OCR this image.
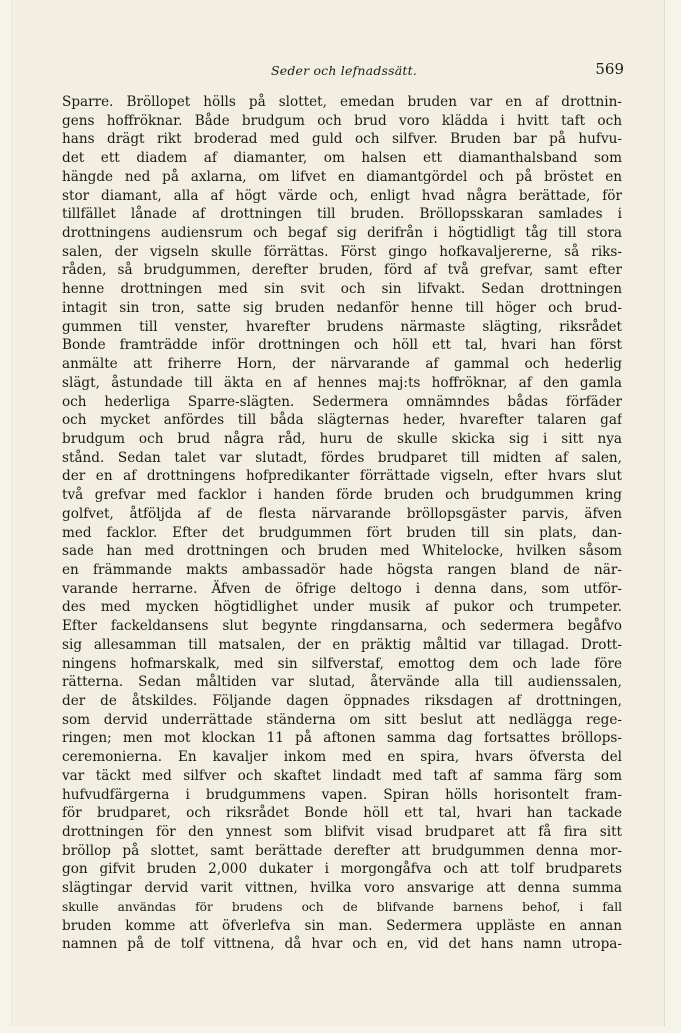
Seder och lefnadssätt.	569
Sparre. Bröllopet hölls på slottet, emedan bruden var en af drottnin-
gens hoffröknar. Både brudgum och brud voro klädda i hvitt taft och
hans drägt rikt broderad med guld och silfver. Bruden bar på hufvu-
det ett diadem af diamanter, om halsen ett diamanthalsband som
hängde ned på axlarna, om lifvet en diamantgördel och på bröstet en
stor diamant, alla af högt värde och, enligt hvad några berättade, för
tillfället lånade af drottningen till bruden. Bröllopsskaran samlades i
drottningens audiensrum och begaf sig derifrån i högtidligt tåg till stora
salen, der vigseln skulle förrättas. Först gingo hofkavaljererne, så riks-
råden, så brudgummen, derefter bruden, förd af två grefvar, samt efter
henne drottningen med sin svit och sin lifvakt. Sedan drottningen
intagit sin tron, satte sig bruden nedanför henne till höger och brud-
gummen till venster, hvarefter brudens närmaste slägting, riksrådet
Bonde framträdde inför drottningen och höll ett tal, hvari han först
anmälte att friherre Horn, der närvarande af gammal och hederlig
slägt, åstundade till äkta en af hennes maj:ts hoffröknar, af den gamla
och hederliga Sparre-slägten. Sedermera omnämndes bådas förfäder
och mycket anfördes till båda slägternas heder, hvarefter talaren gaf
brudgum och brud några råd, huru de skulle skicka sig i sitt nya
stånd. Sedan talet var slutadt, fördes brudparet till midten af salen,
der en af drottningens hofpredikanter förrättade vigseln, efter hvars slut
två grefvar med facklor i handen förde bruden och brudgummen kring
golfvet, åtföljda af de flesta närvarande bröllopsgäster parvis, äfven
med facklor. Efter det brudgummen fört bruden till sin plats, dan-
sade han med drottningen och bruden med Whitelocke, hvilken såsom
en främmande makts ambassadör hade högsta rangen bland de när-
varande herrarne. Äfven de öfrige deltogo i denna dans, som utför-
des med mycken högtidlighet under musik af pukor och trumpeter.
Efter fackeldansens slut begynte ringdansarna, och sedermera begåfvo
sig allesamman till matsalen, der en präktig måltid var tillagad. Drott-
ningens hofmarskalk, med sin silfverstaf, emottog dem och lade före
rätterna. Sedan måltiden var slutad, återvände alla till audienssalen,
der de åtskildes. Följande dagen öppnades riksdagen af drottningen,
som dervid underrättade ständerna om sitt beslut att nedlägga rege-
ringen; men mot klockan 11 på aftonen samma dag fortsattes bröllops-
ceremonierna. En kavaljer inkom med en spira, hvars öfversta del
var täckt med silfver och skaftet lindadt med taft af samma färg som
hufvudfärgerna i brudgummens vapen. Spiran hölls horisontelt fram-
för brudparet, och riksrådet Bonde höll ett tal, hvari han tackade
drottningen för den ynnest som blifvit visad brudparet att få fira sitt
bröllop på slottet, samt berättade derefter att brudgummen denna mor-
gon gifvit bruden 2,000 dukater i morgongåfva och att tolf brudparets
slägtingar dervid varit vittnen, hvilka voro ansvarige att denna summa
skulle användas för brudens och de blifvande barnens behof, i fall
bruden komme att öfverlefva sin man. Sedermera uppläste en annan
namnen på de tolf vittnena, då hvar och en, vid det hans namn utropa-
